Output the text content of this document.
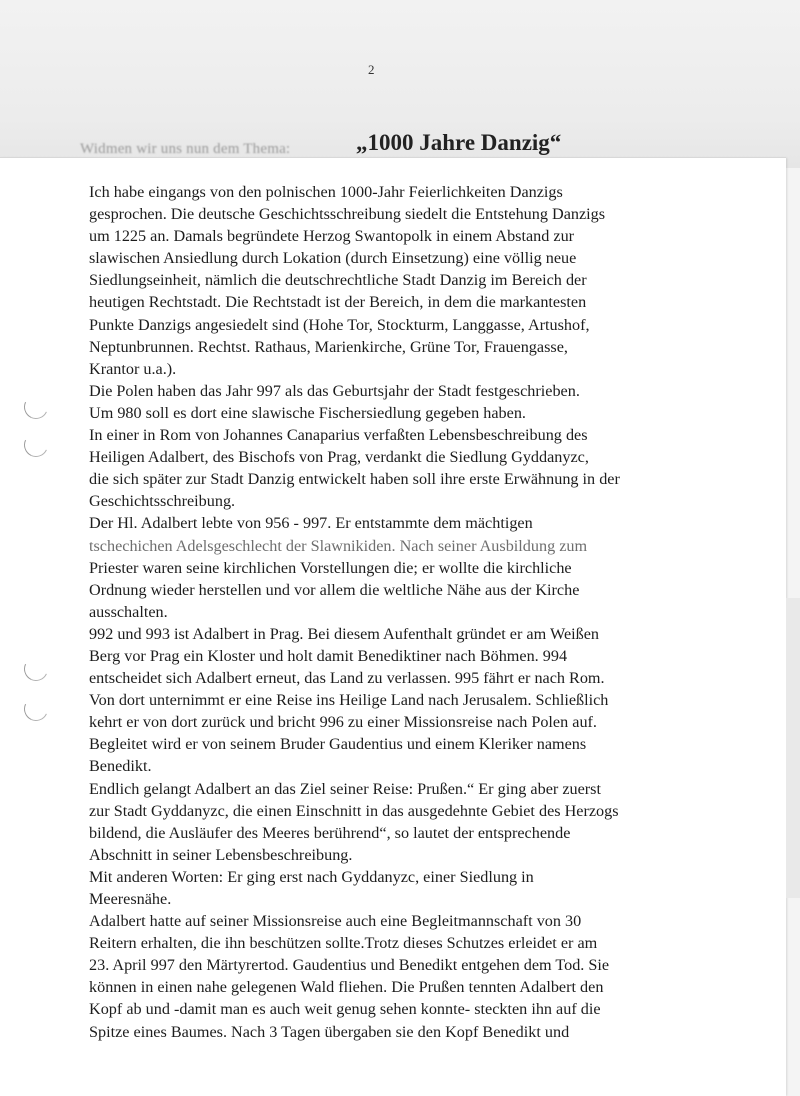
2
Widmen wir uns nun dem Thema:	„1000 Jahre Danzig“
Ich habe eingangs von den polnischen 1000-Jahr Feierlichkeiten Danzigs
gesprochen. Die deutsche Geschichtsschreibung siedelt die Entstehung Danzigs
um 1225 an. Damals begründete Herzog Swantopolk in einem Abstand zur
slawischen Ansiedlung durch Lokation (durch Einsetzung) eine völlig neue
Siedlungseinheit, nämlich die deutschrechtliche Stadt Danzig im Bereich der
heutigen Rechtstadt. Die Rechtstadt ist der Bereich, in dem die markantesten
Punkte Danzigs angesiedelt sind (Hohe Tor, Stockturm, Langgasse, Artushof,
Neptunbrunnen. Rechtst. Rathaus, Marienkirche, Grüne Tor, Frauengasse,
Krantor u.a.).
Die Polen haben das Jahr 997 als das Geburtsjahr der Stadt festgeschrieben.
Um 980 soll es dort eine slawische Fischersiedlung gegeben haben.
In einer in Rom von Johannes Canaparius verfaßten Lebensbeschreibung des
Heiligen Adalbert, des Bischofs von Prag, verdankt die Siedlung Gyddanyzc,
die sich später zur Stadt Danzig entwickelt haben soll ihre erste Erwähnung in der
Geschichtsschreibung.
Der Hl. Adalbert lebte von 956 - 997. Er entstammte dem mächtigen
tschechichen Adelsgeschlecht der Slawnikiden. Nach seiner Ausbildung zum
Priester waren seine kirchlichen Vorstellungen die; er wollte die kirchliche
Ordnung wieder herstellen und vor allem die weltliche Nähe aus der Kirche
ausschalten.
992 und 993 ist Adalbert in Prag. Bei diesem Aufenthalt gründet er am Weißen
Berg vor Prag ein Kloster und holt damit Benediktiner nach Böhmen. 994
entscheidet sich Adalbert erneut, das Land zu verlassen. 995 fährt er nach Rom.
Von dort unternimmt er eine Reise ins Heilige Land nach Jerusalem. Schließlich
kehrt er von dort zurück und bricht 996 zu einer Missionsreise nach Polen auf.
Begleitet wird er von seinem Bruder Gaudentius und einem Kleriker namens
Benedikt.
Endlich gelangt Adalbert an das Ziel seiner Reise: Prußen.“ Er ging aber zuerst
zur Stadt Gyddanyzc, die einen Einschnitt in das ausgedehnte Gebiet des Herzogs
bildend, die Ausläufer des Meeres berührend“, so lautet der entsprechende
Abschnitt in seiner Lebensbeschreibung.
Mit anderen Worten: Er ging erst nach Gyddanyzc, einer Siedlung in
Meeresnähe.
Adalbert hatte auf seiner Missionsreise auch eine Begleitmannschaft von 30
Reitern erhalten, die ihn beschützen sollte.Trotz dieses Schutzes erleidet er am
23. April 997 den Märtyrertod. Gaudentius und Benedikt entgehen dem Tod. Sie
können in einen nahe gelegenen Wald fliehen. Die Prußen tennten Adalbert den
Kopf ab und -damit man es auch weit genug sehen konnte- steckten ihn auf die
Spitze eines Baumes. Nach 3 Tagen übergaben sie den Kopf Benedikt und
